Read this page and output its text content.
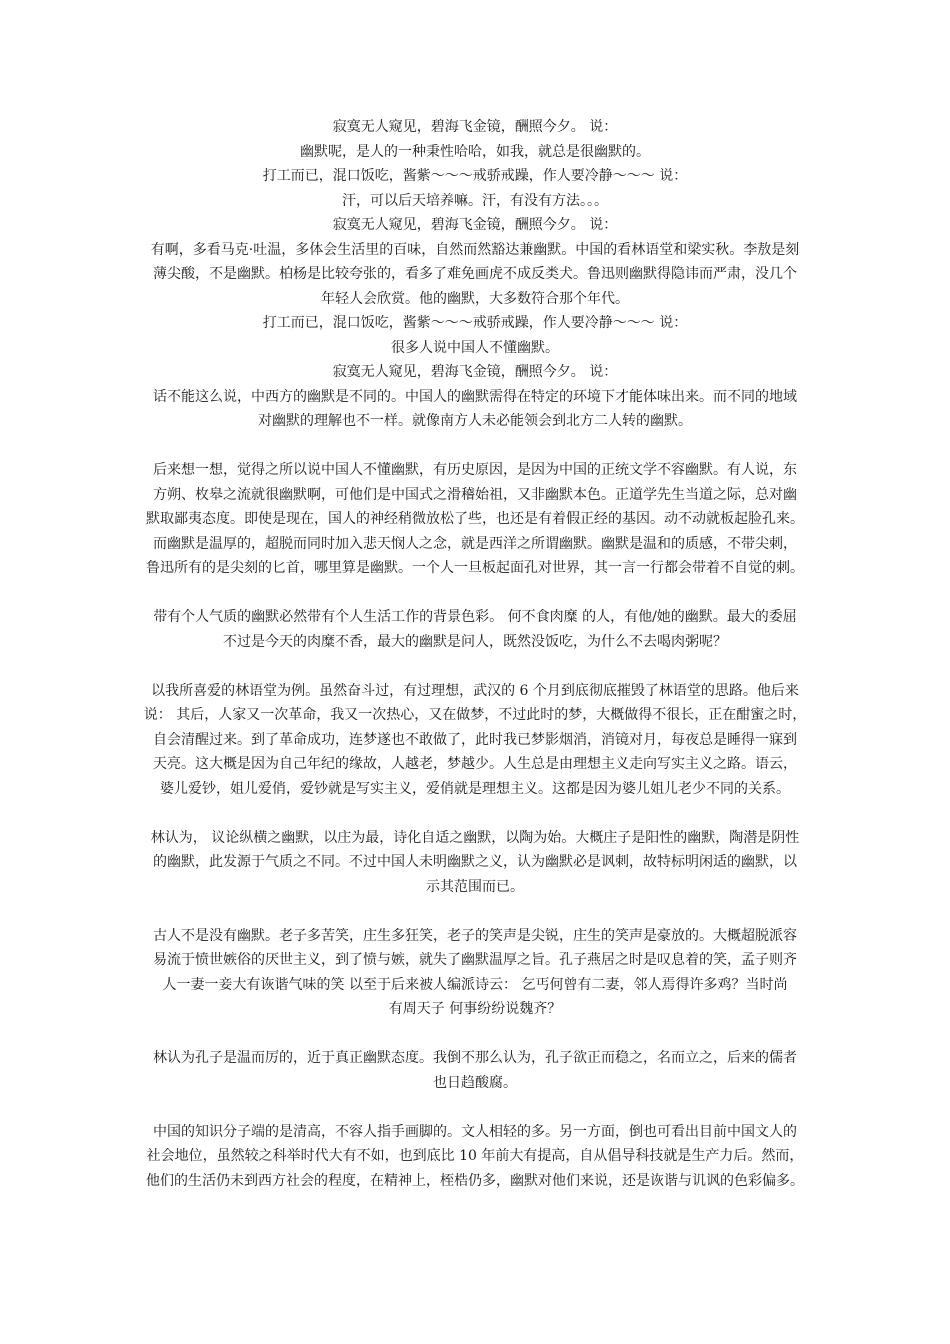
寂寞无人窥见，碧海飞金镜，酬照今夕。 说：

幽默呢，是人的一种秉性哈哈，如我，就总是很幽默的。

打工而已，混口饭吃，酱紫～～～戒骄戒躁，作人要冷静～～～ 说：

汗，可以后天培养嘛。汗，有没有方法。。。

寂寞无人窥见，碧海飞金镜，酬照今夕。 说：

有啊，多看马克·吐温，多体会生活里的百味，自然而然豁达兼幽默。中国的看林语堂和梁实秋。李敖是刻
薄尖酸，不是幽默。柏杨是比较夸张的，看多了难免画虎不成反类犬。鲁迅则幽默得隐讳而严肃，没几个
年轻人会欣赏。他的幽默，大多数符合那个年代。

打工而已，混口饭吃，酱紫～～～戒骄戒躁，作人要冷静～～～ 说：

很多人说中国人不懂幽默。

寂寞无人窥见，碧海飞金镜，酬照今夕。 说：

话不能这么说，中西方的幽默是不同的。中国人的幽默需得在特定的环境下才能体味出来。而不同的地域
对幽默的理解也不一样。就像南方人未必能领会到北方二人转的幽默。

后来想一想，觉得之所以说中国人不懂幽默，有历史原因，是因为中国的正统文学不容幽默。有人说，东
方朔、枚皋之流就很幽默啊，可他们是中国式之滑稽始祖，又非幽默本色。正道学先生当道之际，总对幽
默取鄙夷态度。即使是现在，国人的神经稍微放松了些，也还是有着假正经的基因。动不动就板起脸孔来。
而幽默是温厚的，超脱而同时加入悲天悯人之念，就是西洋之所谓幽默。幽默是温和的质感，不带尖刺，
鲁迅所有的是尖刻的匕首，哪里算是幽默。一个人一旦板起面孔对世界，其一言一行都会带着不自觉的刺。

带有个人气质的幽默必然带有个人生活工作的背景色彩。 何不食肉糜 的人，有他/她的幽默。最大的委屈
不过是今天的肉糜不香，最大的幽默是问人，既然没饭吃，为什么不去喝肉粥呢？

以我所喜爱的林语堂为例。虽然奋斗过，有过理想，武汉的 6 个月到底彻底摧毁了林语堂的思路。他后来
说： 其后，人家又一次革命，我又一次热心，又在做梦，不过此时的梦，大概做得不很长，正在酣蜜之时，
自会清醒过来。到了革命成功，连梦遂也不敢做了，此时我已梦影烟消，消镜对月，每夜总是睡得一寐到
天亮。这大概是因为自己年纪的缘故，人越老，梦越少。人生总是由理想主义走向写实主义之路。语云，
婆儿爱钞，姐儿爱俏，爱钞就是写实主义，爱俏就是理想主义。这都是因为婆儿姐儿老少不同的关系。

林认为， 议论纵横之幽默，以庄为最，诗化自适之幽默，以陶为始。大概庄子是阳性的幽默，陶潜是阴性
的幽默，此发源于气质之不同。不过中国人未明幽默之义，认为幽默必是讽刺，故特标明闲适的幽默，以
示其范围而已。

古人不是没有幽默。老子多苦笑，庄生多狂笑，老子的笑声是尖锐，庄生的笑声是豪放的。大概超脱派容
易流于愤世嫉俗的厌世主义，到了愤与嫉，就失了幽默温厚之旨。孔子燕居之时是叹息着的笑，孟子则齐
人一妻一妾大有诙谐气味的笑 以至于后来被人编派诗云： 乞丐何曾有二妻，邻人焉得许多鸡？当时尚
有周天子 何事纷纷说魏齐？

林认为孔子是温而厉的，近于真正幽默态度。我倒不那么认为，孔子欲正而稳之，名而立之，后来的儒者
也日趋酸腐。

中国的知识分子端的是清高，不容人指手画脚的。文人相轻的多。另一方面，倒也可看出目前中国文人的
社会地位，虽然较之科举时代大有不如，也到底比 10 年前大有提高，自从倡导科技就是生产力后。然而，
他们的生活仍未到西方社会的程度，在精神上，桎梏仍多，幽默对他们来说，还是诙谐与讥讽的色彩偏多。
